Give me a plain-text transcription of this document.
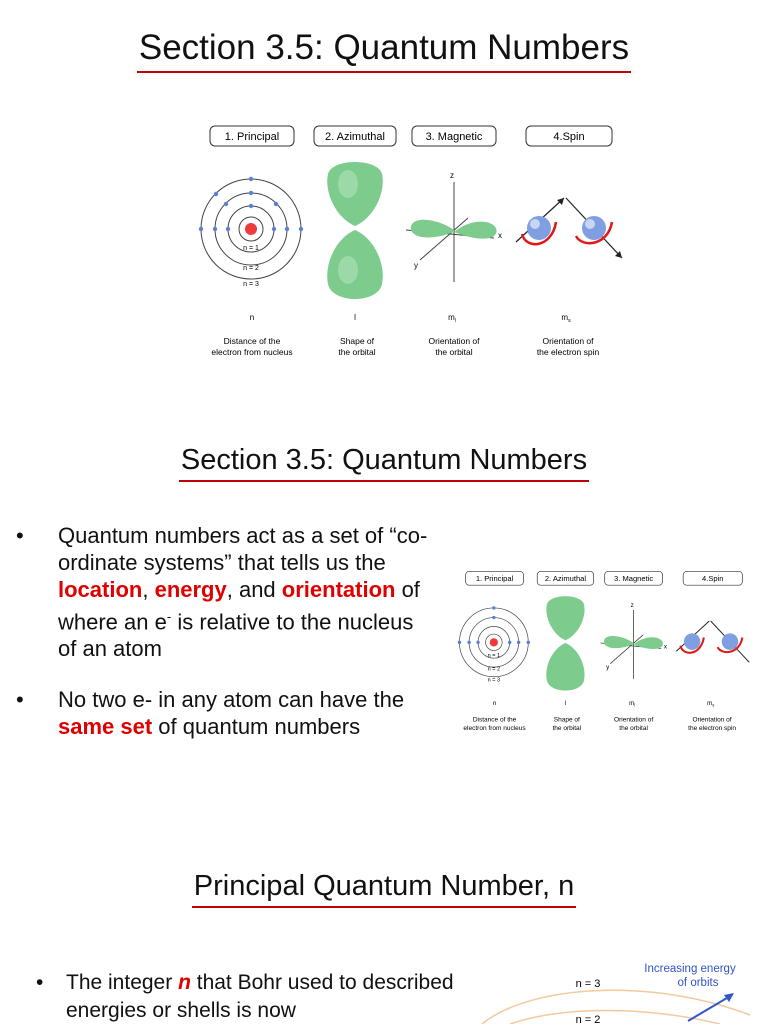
Section 3.5: Quantum Numbers
1. Principal	2. Azimuthal	3. Magnetic	4.Spin
n = 1
n = 2
n = 3
z
x
y
n	l	$m_l$	$m_s$
Distance of the
electron from nucleus
Shape of
the orbital
Orientation of
the orbital
Orientation of
the electron spin
Section 3.5: Quantum Numbers
• Quantum numbers act as a set of “co-ordinate systems” that tells us the location, energy, and orientation of where an e- is relative to the nucleus of an atom
• No two e- in any atom can have the same set of quantum numbers
1. Principal	2. Azimuthal	3. Magnetic	4.Spin
n = 1
n = 2
n = 3
z
x
y
n	l	$m_l$	$m_s$
Distance of the
electron from nucleus
Shape of
the orbital
Orientation of
the orbital
Orientation of
the electron spin
Principal Quantum Number, n
• The integer n that Bohr used to described energies or shells is now
Increasing energy
of orbits
n = 3
n = 2
